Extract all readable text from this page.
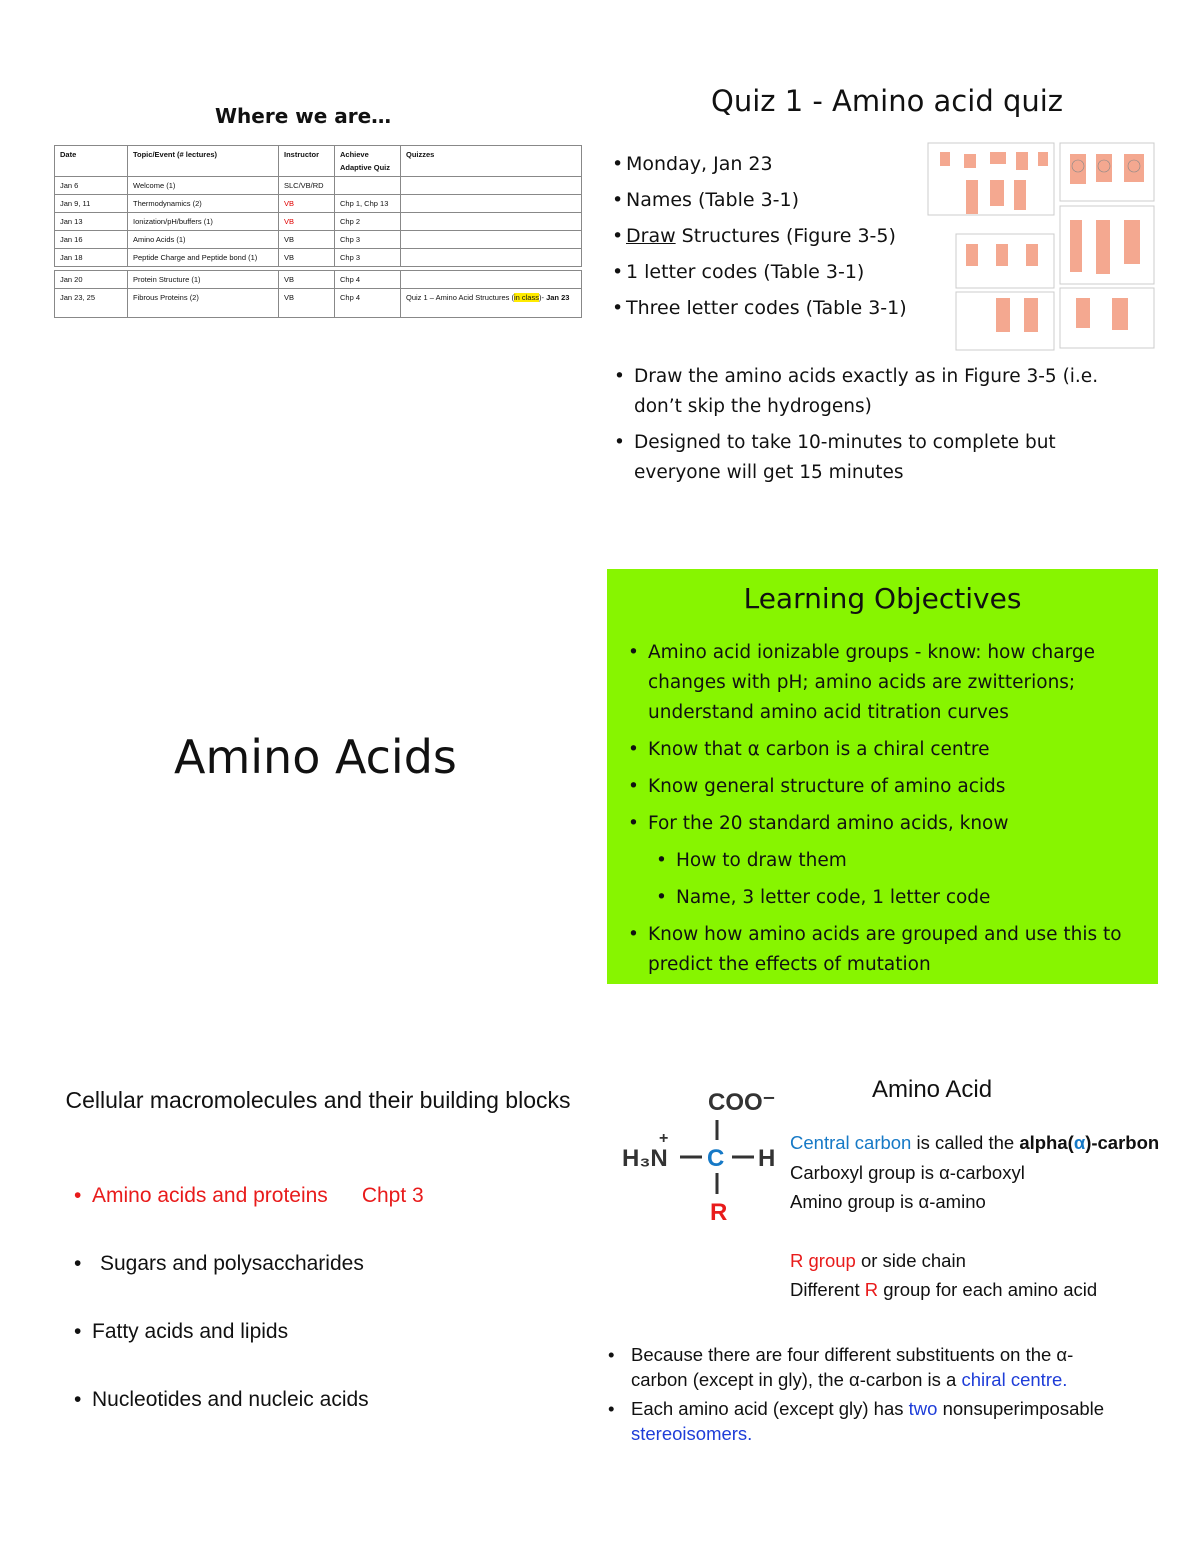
Where we are…
Date	Topic/Event (# lectures)	Instructor	Achieve Adaptive Quiz	Quizzes
Jan 6	Welcome (1)	SLC/VB/RD		
Jan 9, 11	Thermodynamics (2)	VB	Chp 1, Chp 13	
Jan 13	Ionization/pH/buffers (1)	VB	Chp 2	
Jan 16	Amino Acids (1)	VB	Chp 3	
Jan 18	Peptide Charge and Peptide bond (1)	VB	Chp 3	

Jan 20	Protein Structure (1)	VB	Chp 4	
Jan 23, 25	Fibrous Proteins (2)	VB	Chp 4	Quiz 1 – Amino Acid Structures (in class)- Jan 23
Quiz 1 - Amino acid quiz
• Monday, Jan 23
• Names (Table 3-1)
• Draw Structures (Figure 3-5)
• 1 letter codes (Table 3-1)
• Three letter codes (Table 3-1)
• Draw the amino acids exactly as in Figure 3-5 (i.e. don’t skip the hydrogens)
• Designed to take 10-minutes to complete but everyone will get 15 minutes
Amino Acids
Learning Objectives
• Amino acid ionizable groups - know: how charge changes with pH; amino acids are zwitterions; understand amino acid titration curves
• Know that α carbon is a chiral centre
• Know general structure of amino acids
• For the 20 standard amino acids, know
• How to draw them
• Name, 3 letter code, 1 letter code
• Know how amino acids are grouped and use this to predict the effects of mutation
Cellular macromolecules and their building blocks
• Amino acids and proteins Chpt 3
• Sugars and polysaccharides
• Fatty acids and lipids
• Nucleotides and nucleic acids
Amino Acid
COO⁻
H₃N
+
C H
R
Central carbon is called the alpha(α)-carbon
Carboxyl group is α-carboxyl
Amino group is α-amino
R group or side chain
Different R group for each amino acid
• Because there are four different substituents on the α-carbon (except in gly), the α-carbon is a chiral centre.
• Each amino acid (except gly) has two nonsuperimposable stereoisomers.
